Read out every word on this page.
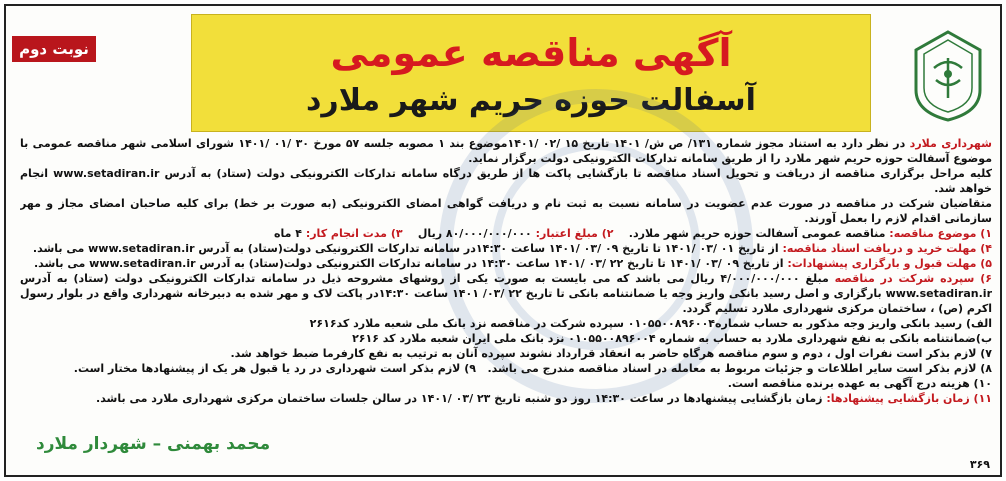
نوبت دوم	آگهی مناقصه عمومی
آسفالت حوزه حریم شهر ملارد

شهرداری ملارد در نظر دارد به استناد مجوز شماره ۱۳۱/ ص ش/ ۱۴۰۱ تاریخ ۱۵ /۰۲ /۱۴۰۱موضوع بند ۱ مصوبه جلسه ۵۷ مورخ ۳۰ /۰۱ /۱۴۰۱ شورای اسلامی شهر مناقصه عمومی با موضوع آسفالت حوزه حریم شهر ملارد را از طریق سامانه تدارکات الکترونیکی دولت برگزار نماید.

کلیه مراحل برگزاری مناقصه از دریافت و تحویل اسناد مناقصه تا بازگشایی پاکت ها از طریق درگاه سامانه تدارکات الکترونیکی دولت (ستاد) به آدرس www.setadiran.ir انجام خواهد شد.

متقاضیان شرکت در مناقصه در صورت عدم عضویت در سامانه نسبت به ثبت نام و دریافت گواهی امضای الکترونیکی (به صورت بر خط) برای کلیه صاحبان امضای مجاز و مهر سازمانی اقدام لازم را بعمل آورند.

۱) موضوع مناقصه: مناقصه عمومی آسفالت حوزه حریم شهر ملارد.    ۲) مبلغ اعتبار: ۸۰/۰۰۰/۰۰۰/۰۰۰ ریال    ۳) مدت انجام کار: ۴ ماه

۴) مهلت خرید و دریافت اسناد مناقصه: از تاریخ ۰۱ /۰۳ /۱۴۰۱ تا تاریخ ۰۹ /۰۳ /۱۴۰۱ ساعت ۱۴:۳۰در سامانه تدارکات الکترونیکی دولت(ستاد) به آدرس www.setadiran.ir می باشد.

۵) مهلت قبول و بارگزاری پیشنهادات: از تاریخ ۰۹ /۰۳ /۱۴۰۱ تا تاریخ ۲۲ /۰۳ /۱۴۰۱ ساعت ۱۴:۳۰ در سامانه تدارکات الکترونیکی دولت(ستاد) به آدرس www.setadiran.ir می باشد.

۶) سپرده شرکت در مناقصه مبلغ ۴/۰۰۰/۰۰۰/۰۰۰ ریال می باشد که می بایست به صورت یکی از روشهای مشروحه ذیل در سامانه تدارکات الکترونیکی دولت (ستاد) به آدرس www.setadiran.ir بارگزاری و اصل رسید بانکی واریز وجه یا ضمانتنامه بانکی تا تاریخ ۲۲ /۰۳/ ۱۴۰۱ ساعت ۱۴:۳۰در پاکت لاک و مهر شده به دبیرخانه شهرداری واقع در بلوار رسول اکرم (ص) ، ساختمان مرکزی شهرداری ملارد تسلیم گردد.

الف) رسید بانکی واریز وجه مذکور به حساب شماره۰۱۰۵۵۰۰۸۹۶۰۰۴ سپرده شرکت در مناقصه نزد بانک ملی شعبه ملارد کد۲۶۱۶

ب)ضمانتنامه بانکی به نفع شهرداری ملارد به حساب به شماره ۰۱۰۵۵۰۰۸۹۶۰۰۴ نزد بانک ملی ایران شعبه ملارد کد ۲۶۱۶

۷) لازم بذکر است نفرات اول ، دوم و سوم مناقصه هرگاه حاضر به انعقاد قرارداد نشوند سپرده آنان به ترتیب به نفع کارفرما ضبط خواهد شد.

۸) لازم بذکر است سایر اطلاعات و جزئیات مربوط به معامله در اسناد مناقصه مندرج می باشد.   ۹) لازم بذکر است شهرداری در رد یا قبول هر یک از پیشنهادها مختار است.

۱۰) هزینه درج آگهی به عهده برنده مناقصه است.

۱۱) زمان بازگشایی پیشنهادها: زمان بازگشایی پیشنهادها در ساعت ۱۴:۳۰ روز دو شنبه تاریخ ۲۳ /۰۳ /۱۴۰۱ در سالن جلسات ساختمان مرکزی شهرداری ملارد می باشد.

محمد بهمنی – شهردار ملارد
۳۶۹
